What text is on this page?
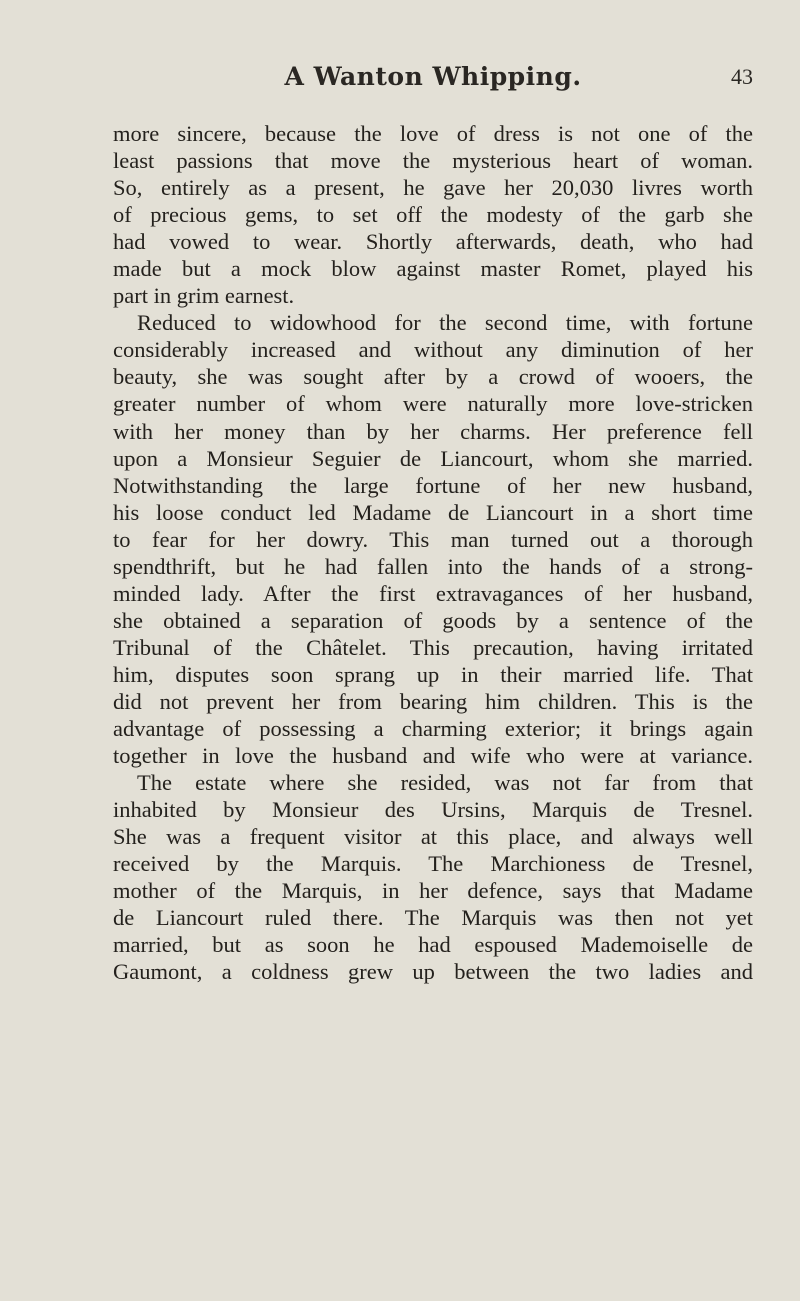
A Wanton Whipping.	43
more sincere, because the love of dress is not one of the
least passions that move the mysterious heart of woman.
So, entirely as a present, he gave her 20,030 livres worth
of precious gems, to set off the modesty of the garb she
had vowed to wear. Shortly afterwards, death, who had
made but a mock blow against master Romet, played his
part in grim earnest.
Reduced to widowhood for the second time, with fortune
considerably increased and without any diminution of her
beauty, she was sought after by a crowd of wooers, the
greater number of whom were naturally more love-stricken
with her money than by her charms. Her preference fell
upon a Monsieur Seguier de Liancourt, whom she married.
Notwithstanding the large fortune of her new husband,
his loose conduct led Madame de Liancourt in a short time
to fear for her dowry. This man turned out a thorough
spendthrift, but he had fallen into the hands of a strong-
minded lady. After the first extravagances of her husband,
she obtained a separation of goods by a sentence of the
Tribunal of the Châtelet. This precaution, having irritated
him, disputes soon sprang up in their married life. That
did not prevent her from bearing him children. This is the
advantage of possessing a charming exterior; it brings again
together in love the husband and wife who were at variance.
The estate where she resided, was not far from that
inhabited by Monsieur des Ursins, Marquis de Tresnel.
She was a frequent visitor at this place, and always well
received by the Marquis. The Marchioness de Tresnel,
mother of the Marquis, in her defence, says that Madame
de Liancourt ruled there. The Marquis was then not yet
married, but as soon he had espoused Mademoiselle de
Gaumont, a coldness grew up between the two ladies and
